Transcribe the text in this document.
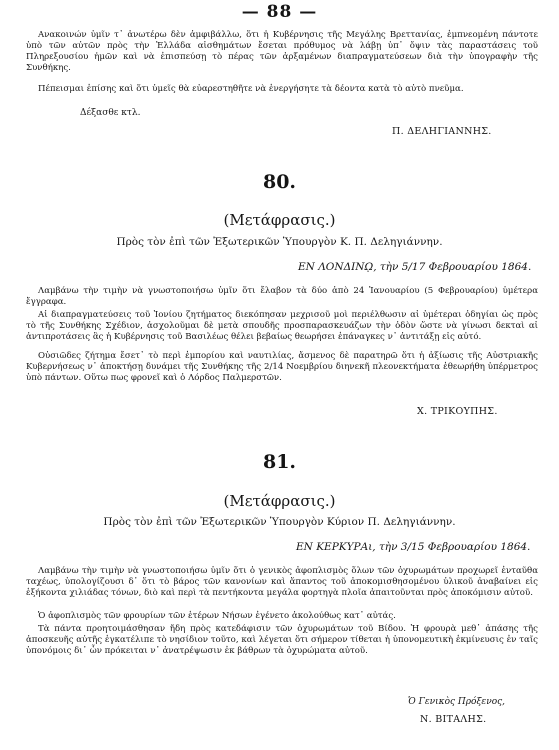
— 88 —
Ανακοινών ὑμῖν τ᾽ ἀνωτέρω δὲν ἀμφιβάλλω, ὅτι ἡ Κυβέρνησις τῆς Μεγάλης Βρεττανίας, ἐμπνεομένη πάντοτε ὑπὸ τῶν αὐτῶν πρὸς τὴν Ἑλλάδα αἰσθημάτων ἔσεται πρόθυμος νὰ λάβῃ ὑπ᾽ ὄψιν τὰς παραστάσεις τοῦ Πληρεξουσίου ἡμῶν καὶ νὰ ἐπισπεύσῃ τὸ πέρας τῶν ἀρξαμένων διαπραγματεύσεων διὰ τὴν ὑπογραφὴν τῆς Συνθήκης.
Πέπεισμαι ἐπίσης καὶ ὅτι ὑμεῖς θὰ εὐαρεστηθῆτε νὰ ἐνεργήσητε τὰ δέοντα κατὰ τὸ αὐτὸ πνεῦμα.
Δέξασθε κτλ.
Π. ΔΕΛΗΓΙΑΝΝΗΣ.
80.
(Μετάφρασις.)
Πρὸς τὸν ἐπὶ τῶν Ἐξωτερικῶν Ὑπουργὸν Κ. Π. Δεληγιάννην.
ΕΝ ΛΟΝΔΙΝῼ, τὴν 5/17 Φεβρουαρίου 1864.
Λαμβάνω τὴν τιμὴν νὰ γνωστοποιήσω ὑμῖν ὅτι ἔλαβον τὰ δύο ἀπὸ 24 Ἰανουαρίου (5 Φεβρουαρίου) ὑμέτερα ἔγγραφα.
Αἱ διαπραγματεύσεις τοῦ Ἰονίου ζητήματος διεκόπησαν μεχρισοῦ μοὶ περιέλθωσιν αἱ ὑμέτεραι ὁδηγίαι ὡς πρὸς τὸ τῆς Συνθήκης Σχέδιον, ἀσχολοῦμαι δὲ μετὰ σπουδῆς προσπαρασκευάζων τὴν ὁδὸν ὥστε νὰ γίνωσι δεκταὶ αἱ ἀντιπροτάσεις ἃς ἡ Κυβέρνησις τοῦ Βασιλέως θέλει βεβαίως θεωρήσει ἐπάναγκες ν᾽ ἀντιτάξῃ εἰς αὐτό.
Οὐσιῶδες ζήτημα ἔσετ᾽ τὸ περὶ ἐμπορίου καὶ ναυτιλίας, ἄσμενος δὲ παρατηρῶ ὅτι ἡ ἀξίωσις τῆς Αὐστριακῆς Κυβερνήσεως ν᾽ ἀποκτήσῃ δυνάμει τῆς Συνθήκης τῆς 2/14 Νοεμβρίου διηνεκῆ πλεονεκτήματα ἐθεωρήθη ὑπέρμετρος ὑπὸ πάντων. Οὕτω πως φρονεῖ καὶ ὁ Λόρδος Παλμερστῶν.
Χ. ΤΡΙΚΟΥΠΗΣ.
81.
(Μετάφρασις.)
Πρὸς τὸν ἐπὶ τῶν Ἐξωτερικῶν Ὑπουργὸν Κύριον Π. Δεληγιάννην.
ΕΝ ΚΕΡΚΥΡΑι, τὴν 3/15 Φεβρουαρίου 1864.
Λαμβάνω τὴν τιμὴν νὰ γνωστοποιήσω ὑμῖν ὅτι ὁ γενικὸς ἀφοπλισμὸς ὅλων τῶν ὀχυρωμάτων προχωρεῖ ἐνταῦθα ταχέως, ὑπολογίζουσι δ᾽ ὅτι τὸ βάρος τῶν κανονίων καὶ ἅπαντος τοῦ ἀποκομισθησομένου ὑλικοῦ ἀναβαίνει εἰς ἑξήκοντα χιλιάδας τόνων, διὸ καὶ περὶ τὰ πεντήκοντα μεγάλα φορτηγὰ πλοῖα ἀπαιτοῦνται πρὸς ἀποκόμισιν αὐτοῦ.
Ὁ ἀφοπλισμὸς τῶν φρουρίων τῶν ἑτέρων Νήσων ἐγένετο ἀκολούθως κατ᾽ αὐτάς.
Τὰ πάντα προητοιμάσθησαν ἤδη πρὸς κατεδάφισιν τῶν ὀχυρωμάτων τοῦ Βίδου. Ἡ φρουρὰ μεθ᾽ ἁπάσης τῆς ἀποσκευῆς αὐτῆς ἐγκατέλιπε τὸ νησίδιον τοῦτο, καὶ λέγεται ὅτι σήμερον τίθεται ἡ ὑπονομευτικὴ ἐκμίνευσις ἐν ταῖς ὑπονόμοις δι᾽ ὧν πρόκειται ν᾽ ἀνατρέψωσιν ἐκ βάθρων τὰ ὀχυρώματα αὐτοῦ.
Ὁ Γενικὸς Πρόξενος,
Ν. ΒΙΤΑΛΗΣ.
